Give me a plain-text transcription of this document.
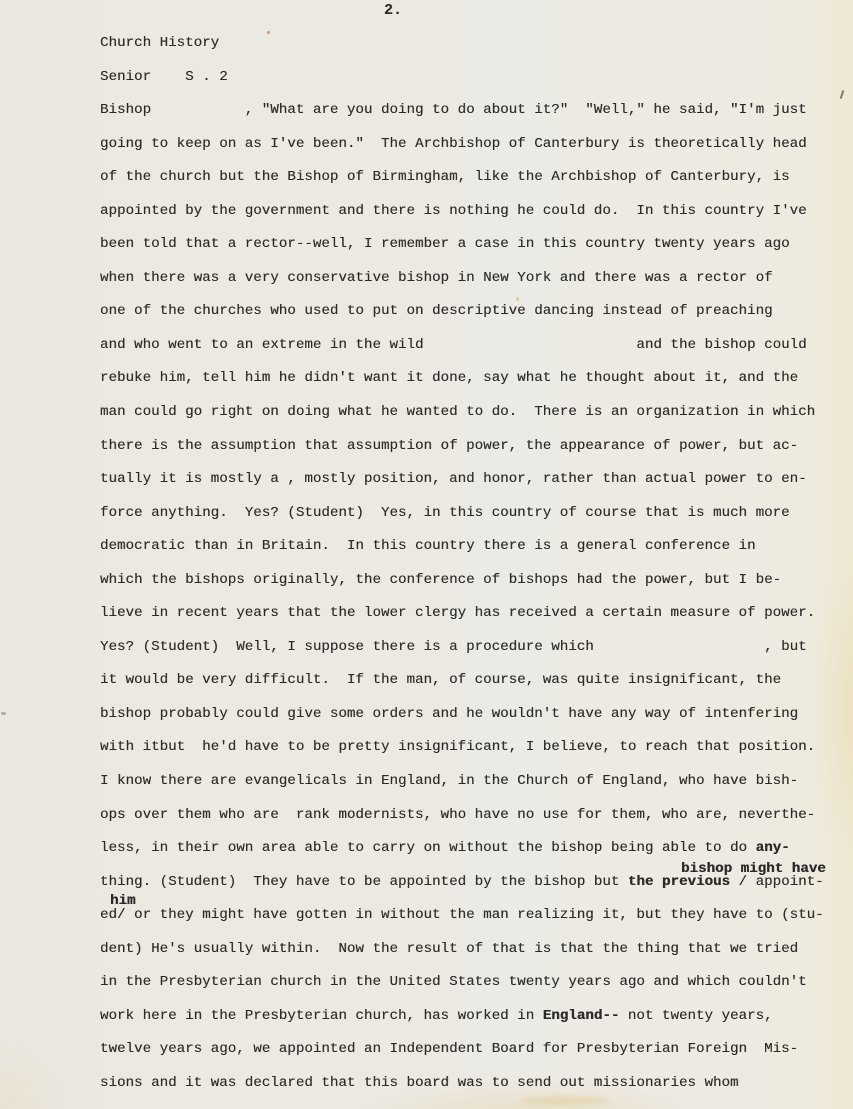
2.
Church History
Senior    S . 2
Bishop           , "What are you doing to do about it?"  "Well," he said, "I'm just
going to keep on as I've been."  The Archbishop of Canterbury is theoretically head
of the church but the Bishop of Birmingham, like the Archbishop of Canterbury, is
appointed by the government and there is nothing he could do.  In this country I've
been told that a rector--well, I remember a case in this country twenty years ago
when there was a very conservative bishop in New York and there was a rector of
one of the churches who used to put on descriptive dancing instead of preaching
and who went to an extreme in the wild                         and the bishop could
rebuke him, tell him he didn't want it done, say what he thought about it, and the
man could go right on doing what he wanted to do.  There is an organization in which
there is the assumption that assumption of power, the appearance of power, but ac-
tually it is mostly a , mostly position, and honor, rather than actual power to en-
force anything.  Yes? (Student)  Yes, in this country of course that is much more
democratic than in Britain.  In this country there is a general conference in
which the bishops originally, the conference of bishops had the power, but I be-
lieve in recent years that the lower clergy has received a certain measure of power.
Yes? (Student)  Well, I suppose there is a procedure which                    , but
it would be very difficult.  If the man, of course, was quite insignificant, the
bishop probably could give some orders and he wouldn't have any way of intenfering
with itbut  he'd have to be pretty insignificant, I believe, to reach that position.
I know there are evangelicals in England, in the Church of England, who have bish-
ops over them who are  rank modernists, who have no use for them, who are, neverthe-
less, in their own area able to carry on without the bishop being able to do any-
bishop might have
thing. (Student)  They have to be appointed by the bishop but the previous / appoint-
him
ed/ or they might have gotten in without the man realizing it, but they have to (stu-
dent) He's usually within.  Now the result of that is that the thing that we tried
in the Presbyterian church in the United States twenty years ago and which couldn't
work here in the Presbyterian church, has worked in England-- not twenty years,
twelve years ago, we appointed an Independent Board for Presbyterian Foreign  Mis-
sions and it was declared that this board was to send out missionaries whom
